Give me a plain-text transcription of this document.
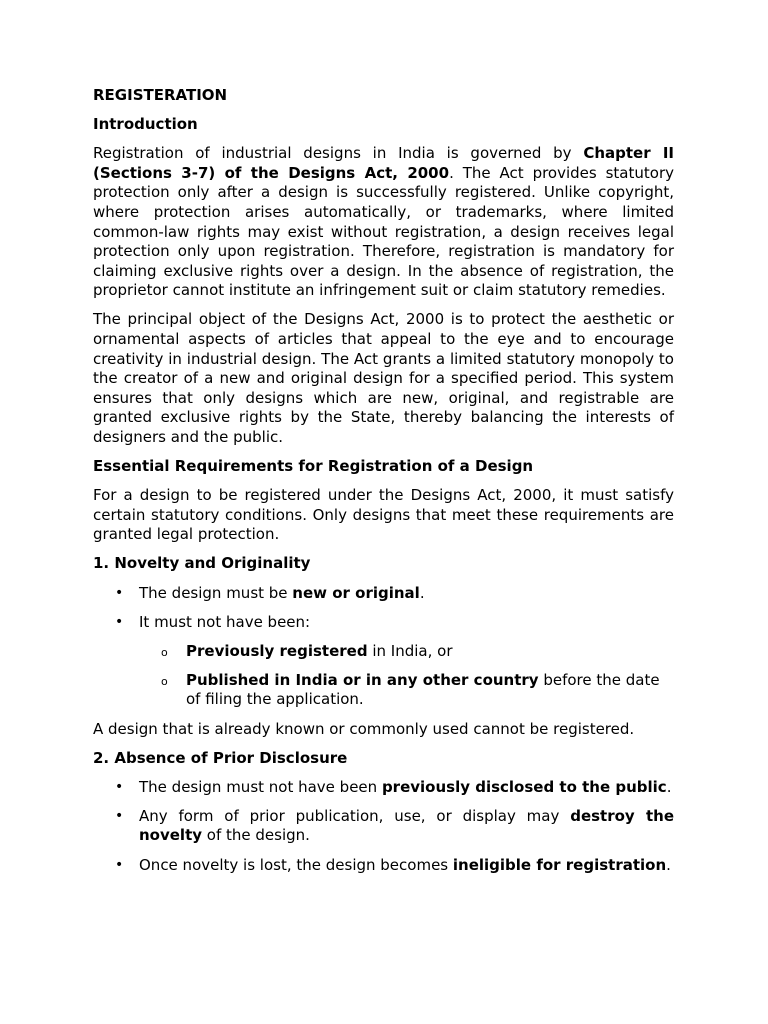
REGISTERATION

Introduction

Registration of industrial designs in India is governed by Chapter II (Sections 3-7) of the Designs Act, 2000. The Act provides statutory protection only after a design is successfully registered. Unlike copyright, where protection arises automatically, or trademarks, where limited common-law rights may exist without registration, a design receives legal protection only upon registration. Therefore, registration is mandatory for claiming exclusive rights over a design. In the absence of registration, the proprietor cannot institute an infringement suit or claim statutory remedies.

The principal object of the Designs Act, 2000 is to protect the aesthetic or ornamental aspects of articles that appeal to the eye and to encourage creativity in industrial design. The Act grants a limited statutory monopoly to the creator of a new and original design for a specified period. This system ensures that only designs which are new, original, and registrable are granted exclusive rights by the State, thereby balancing the interests of designers and the public.

Essential Requirements for Registration of a Design

For a design to be registered under the Designs Act, 2000, it must satisfy certain statutory conditions. Only designs that meet these requirements are granted legal protection.

1. Novelty and Originality

• The design must be new or original.
• It must not have been:
o Previously registered in India, or
o Published in India or in any other country before the date of filing the application.

A design that is already known or commonly used cannot be registered.

2. Absence of Prior Disclosure

• The design must not have been previously disclosed to the public.
• Any form of prior publication, use, or display may destroy the novelty of the design.
• Once novelty is lost, the design becomes ineligible for registration.
